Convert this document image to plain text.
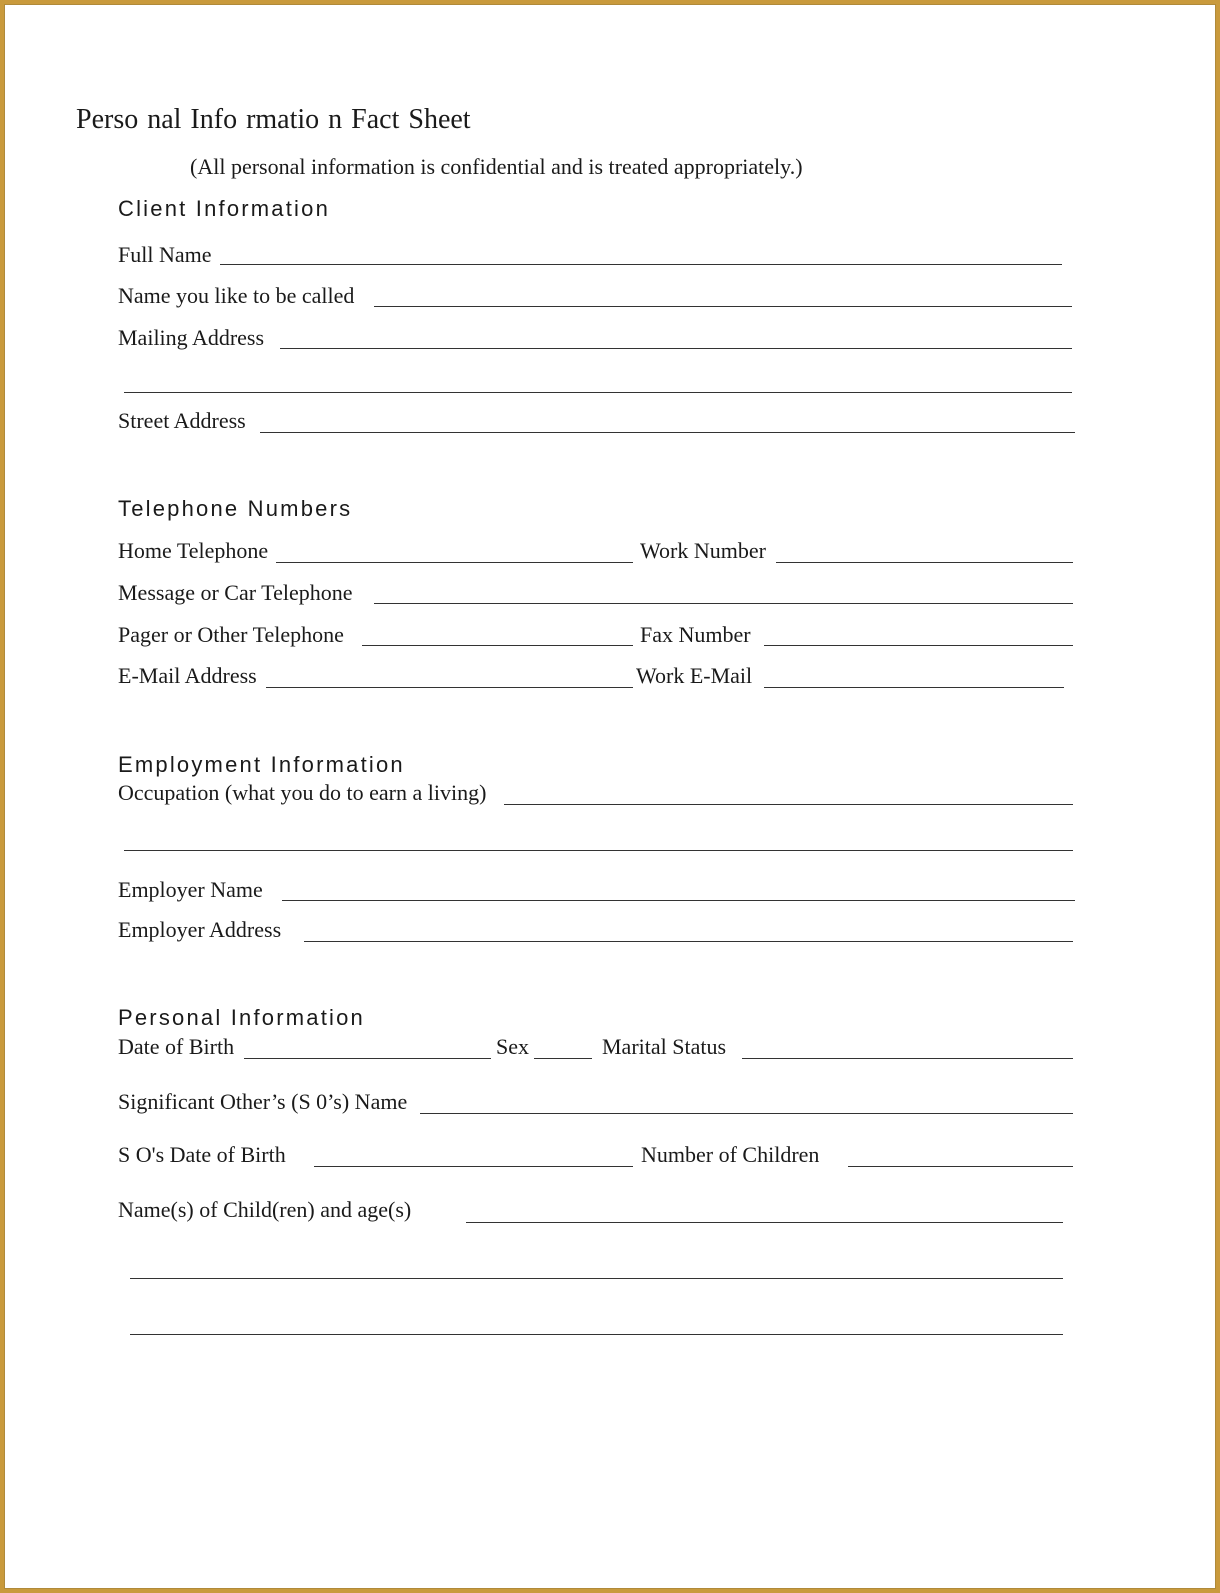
Perso nal Info rmatio n Fact Sheet
(All personal information is confidential and is treated appropriately.)
Client Information
Full Name
Name you like to be called
Mailing Address
Street Address
Telephone Numbers
Home Telephone	Work Number
Message or Car Telephone
Pager or Other Telephone	Fax Number
E-Mail Address	Work E-Mail
Employment Information
Occupation (what you do to earn a living)
Employer Name
Employer Address
Personal Information
Date of Birth	Sex	Marital Status
Significant Other’s (S 0’s) Name
S O's Date of Birth	Number of Children
Name(s) of Child(ren) and age(s)
